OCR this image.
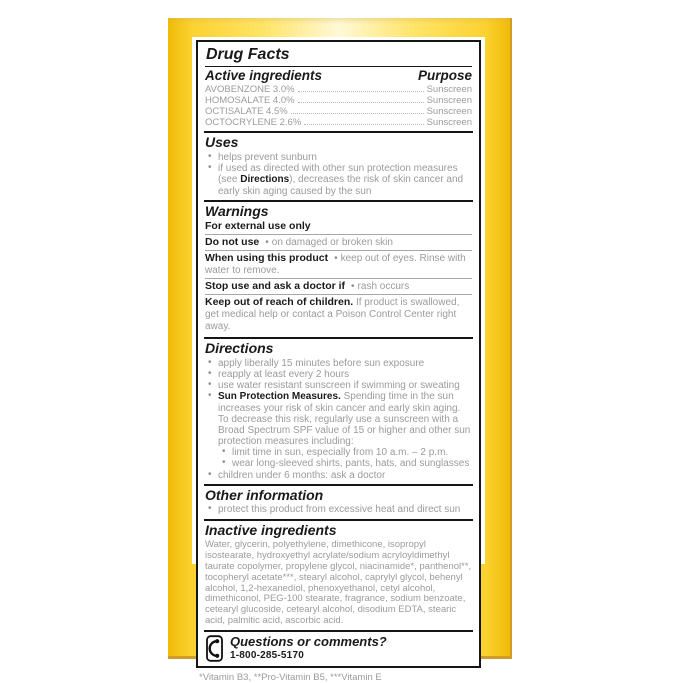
Drug Facts
Active ingredients	Purpose
AVOBENZONE 3.0%	Sunscreen
HOMOSALATE 4.0%	Sunscreen
OCTISALATE 4.5%	Sunscreen
OCTOCRYLENE 2.6%	Sunscreen
Uses
• helps prevent sunburn
• if used as directed with other sun protection measures (see Directions), decreases the risk of skin cancer and early skin aging caused by the sun
Warnings
For external use only
Do not use • on damaged or broken skin
When using this product • keep out of eyes. Rinse with water to remove.
Stop use and ask a doctor if • rash occurs
Keep out of reach of children. If product is swallowed, get medical help or contact a Poison Control Center right away.
Directions
• apply liberally 15 minutes before sun exposure
• reapply at least every 2 hours
• use water resistant sunscreen if swimming or sweating
• Sun Protection Measures. Spending time in the sun increases your risk of skin cancer and early skin aging. To decrease this risk, regularly use a sunscreen with a Broad Spectrum SPF value of 15 or higher and other sun protection measures including:
• limit time in sun, especially from 10 a.m. – 2 p.m.
• wear long-sleeved shirts, pants, hats, and sunglasses
• children under 6 months: ask a doctor
Other information
• protect this product from excessive heat and direct sun
Inactive ingredients
Water, glycerin, polyethylene, dimethicone, isopropyl isostearate, hydroxyethyl acrylate/sodium acryloyldimethyl taurate copolymer, propylene glycol, niacinamide*, panthenol**, tocopheryl acetate***, stearyl alcohol, caprylyl glycol, behenyl alcohol, 1,2-hexanediol, phenoxyethanol, cetyl alcohol, dimethiconol, PEG-100 stearate, fragrance, sodium benzoate, cetearyl glucoside, cetearyl alcohol, disodium EDTA, stearic acid, palmitic acid, ascorbic acid.
Questions or comments?
1-800-285-5170
*Vitamin B3, **Pro-Vitamin B5, ***Vitamin E
